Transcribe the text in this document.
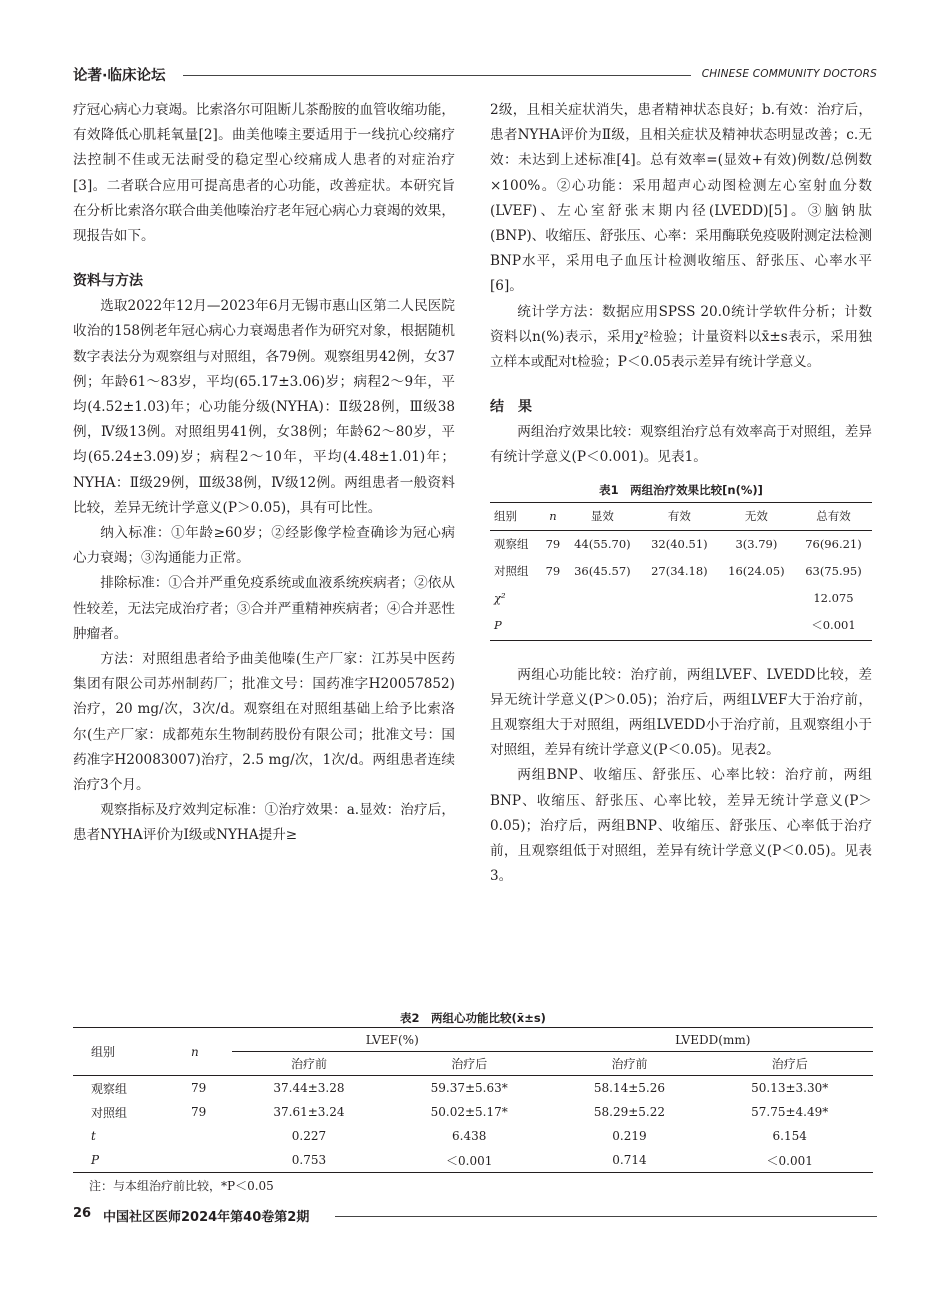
论著·临床论坛	CHINESE COMMUNITY DOCTORS

疗冠心病心力衰竭。比索洛尔可阻断儿茶酚胺的血管收缩功能，有效降低心肌耗氧量[2]。曲美他嗪主要适用于一线抗心绞痛疗法控制不佳或无法耐受的稳定型心绞痛成人患者的对症治疗[3]。二者联合应用可提高患者的心功能，改善症状。本研究旨在分析比索洛尔联合曲美他嗪治疗老年冠心病心力衰竭的效果，现报告如下。

资料与方法

选取2022年12月—2023年6月无锡市惠山区第二人民医院收治的158例老年冠心病心力衰竭患者作为研究对象，根据随机数字表法分为观察组与对照组，各79例。观察组男42例，女37例；年龄61～83岁，平均(65.17±3.06)岁；病程2～9年，平均(4.52±1.03)年；心功能分级(NYHA)：Ⅱ级28例，Ⅲ级38例，Ⅳ级13例。对照组男41例，女38例；年龄62～80岁，平均(65.24±3.09)岁；病程2～10年，平均(4.48±1.01)年；NYHA：Ⅱ级29例，Ⅲ级38例，Ⅳ级12例。两组患者一般资料比较，差异无统计学意义(P＞0.05)，具有可比性。

纳入标准：①年龄≥60岁；②经影像学检查确诊为冠心病心力衰竭；③沟通能力正常。

排除标准：①合并严重免疫系统或血液系统疾病者；②依从性较差，无法完成治疗者；③合并严重精神疾病者；④合并恶性肿瘤者。

方法：对照组患者给予曲美他嗪(生产厂家：江苏吴中医药集团有限公司苏州制药厂；批准文号：国药准字H20057852)治疗，20 mg/次，3次/d。观察组在对照组基础上给予比索洛尔(生产厂家：成都苑东生物制药股份有限公司；批准文号：国药准字H20083007)治疗，2.5 mg/次，1次/d。两组患者连续治疗3个月。

观察指标及疗效判定标准：①治疗效果：a.显效：治疗后，患者NYHA评价为Ⅰ级或NYHA提升≥

2级，且相关症状消失，患者精神状态良好；b.有效：治疗后，患者NYHA评价为Ⅱ级，且相关症状及精神状态明显改善；c.无效：未达到上述标准[4]。总有效率=(显效+有效)例数/总例数×100%。②心功能：采用超声心动图检测左心室射血分数(LVEF)、左心室舒张末期内径(LVEDD)[5]。③脑钠肽(BNP)、收缩压、舒张压、心率：采用酶联免疫吸附测定法检测BNP水平，采用电子血压计检测收缩压、舒张压、心率水平[6]。

统计学方法：数据应用SPSS 20.0统计学软件分析；计数资料以n(%)表示，采用χ²检验；计量资料以x̄±s表示，采用独立样本或配对t检验；P＜0.05表示差异有统计学意义。

结　果

两组治疗效果比较：观察组治疗总有效率高于对照组，差异有统计学意义(P＜0.001)。见表1。

表1　两组治疗效果比较[n(%)]
组别	n	显效	有效	无效	总有效
观察组	79	44(55.70)	32(40.51)	3(3.79)	76(96.21)
对照组	79	36(45.57)	27(34.18)	16(24.05)	63(75.95)
χ²					12.075
P					＜0.001

两组心功能比较：治疗前，两组LVEF、LVEDD比较，差异无统计学意义(P＞0.05)；治疗后，两组LVEF大于治疗前，且观察组大于对照组，两组LVEDD小于治疗前，且观察组小于对照组，差异有统计学意义(P＜0.05)。见表2。

两组BNP、收缩压、舒张压、心率比较：治疗前，两组BNP、收缩压、舒张压、心率比较，差异无统计学意义(P＞0.05)；治疗后，两组BNP、收缩压、舒张压、心率低于治疗前，且观察组低于对照组，差异有统计学意义(P＜0.05)。见表3。

表2　两组心功能比较(x̄±s)
组别	n	LVEF(%)		LVEDD(mm)	
		治疗前	治疗后	治疗前	治疗后
观察组	79	37.44±3.28	59.37±5.63*	58.14±5.26	50.13±3.30*
对照组	79	37.61±3.24	50.02±5.17*	58.29±5.22	57.75±4.49*
t		0.227	6.438	0.219	6.154
P		0.753	＜0.001	0.714	＜0.001
注：与本组治疗前比较，*P＜0.05
26 中国社区医师2024年第40卷第2期
